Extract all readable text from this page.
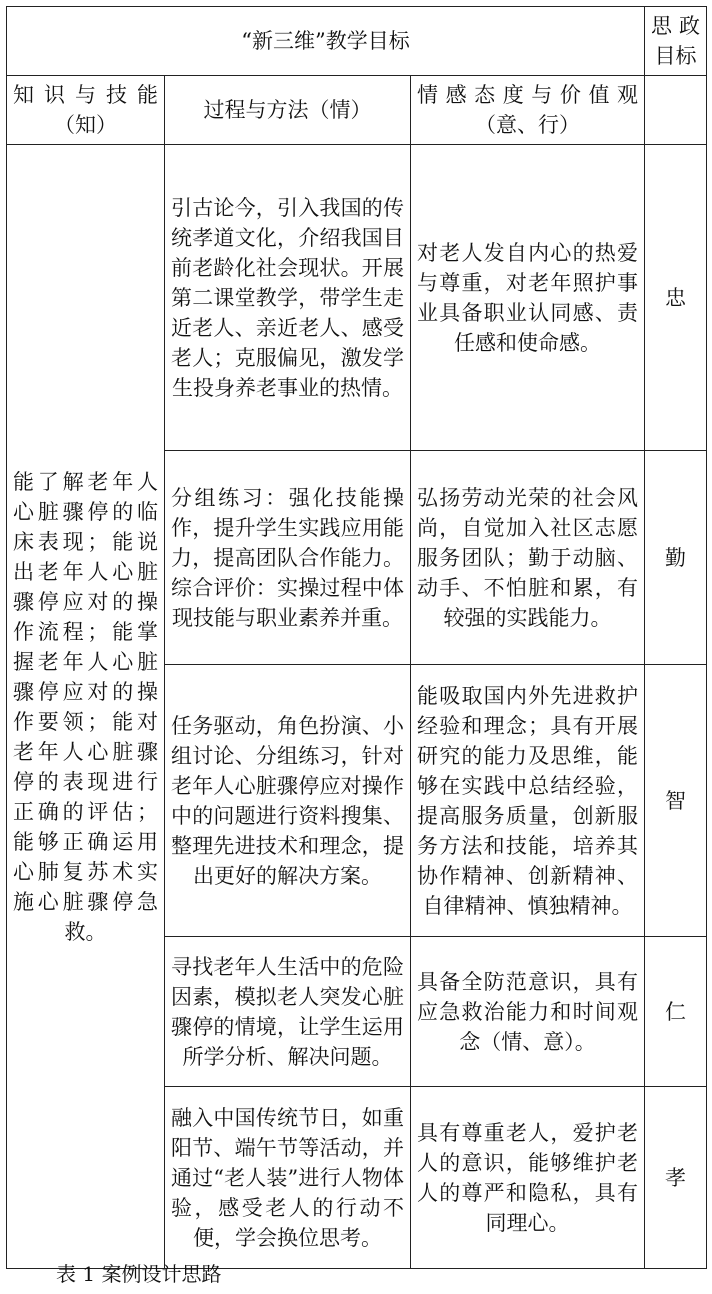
“新三维”教学目标			思政目标
知 识 与 技 能（知）	过程与方法（情）	情感态度与价值观（意、行）	
能了解老年人心脏骤停的临床表现；能说出老年人心脏骤停应对的操作流程；能掌握老年人心脏骤停应对的操作要领；能对老年人心脏骤停的表现进行正确的评估；能够正确运用心肺复苏术实施心脏骤停急救。	引古论今，引入我国的传统孝道文化，介绍我国目前老龄化社会现状。开展第二课堂教学，带学生走近老人、亲近老人、感受老人；克服偏见，激发学生投身养老事业的热情。	对老人发自内心的热爱与尊重，对老年照护事业具备职业认同感、责任感和使命感。	忠
	分组练习：强化技能操作，提升学生实践应用能力，提高团队合作能力。综合评价：实操过程中体现技能与职业素养并重。	弘扬劳动光荣的社会风尚，自觉加入社区志愿服务团队；勤于动脑、动手、不怕脏和累，有较强的实践能力。	勤
	任务驱动，角色扮演、小组讨论、分组练习，针对老年人心脏骤停应对操作中的问题进行资料搜集、整理先进技术和理念，提出更好的解决方案。	能吸取国内外先进救护经验和理念；具有开展研究的能力及思维，能够在实践中总结经验，提高服务质量，创新服务方法和技能，培养其协作精神、创新精神、自律精神、慎独精神。	智
	寻找老年人生活中的危险因素，模拟老人突发心脏骤停的情境，让学生运用所学分析、解决问题。	具备全防范意识，具有应急救治能力和时间观念（情、意）。	仁
	融入中国传统节日，如重阳节、端午节等活动，并通过“老人装”进行人物体验，感受老人的行动不便，学会换位思考。	具有尊重老人，爱护老人的意识，能够维护老人的尊严和隐私，具有同理心。	孝
表 1 案例设计思路
